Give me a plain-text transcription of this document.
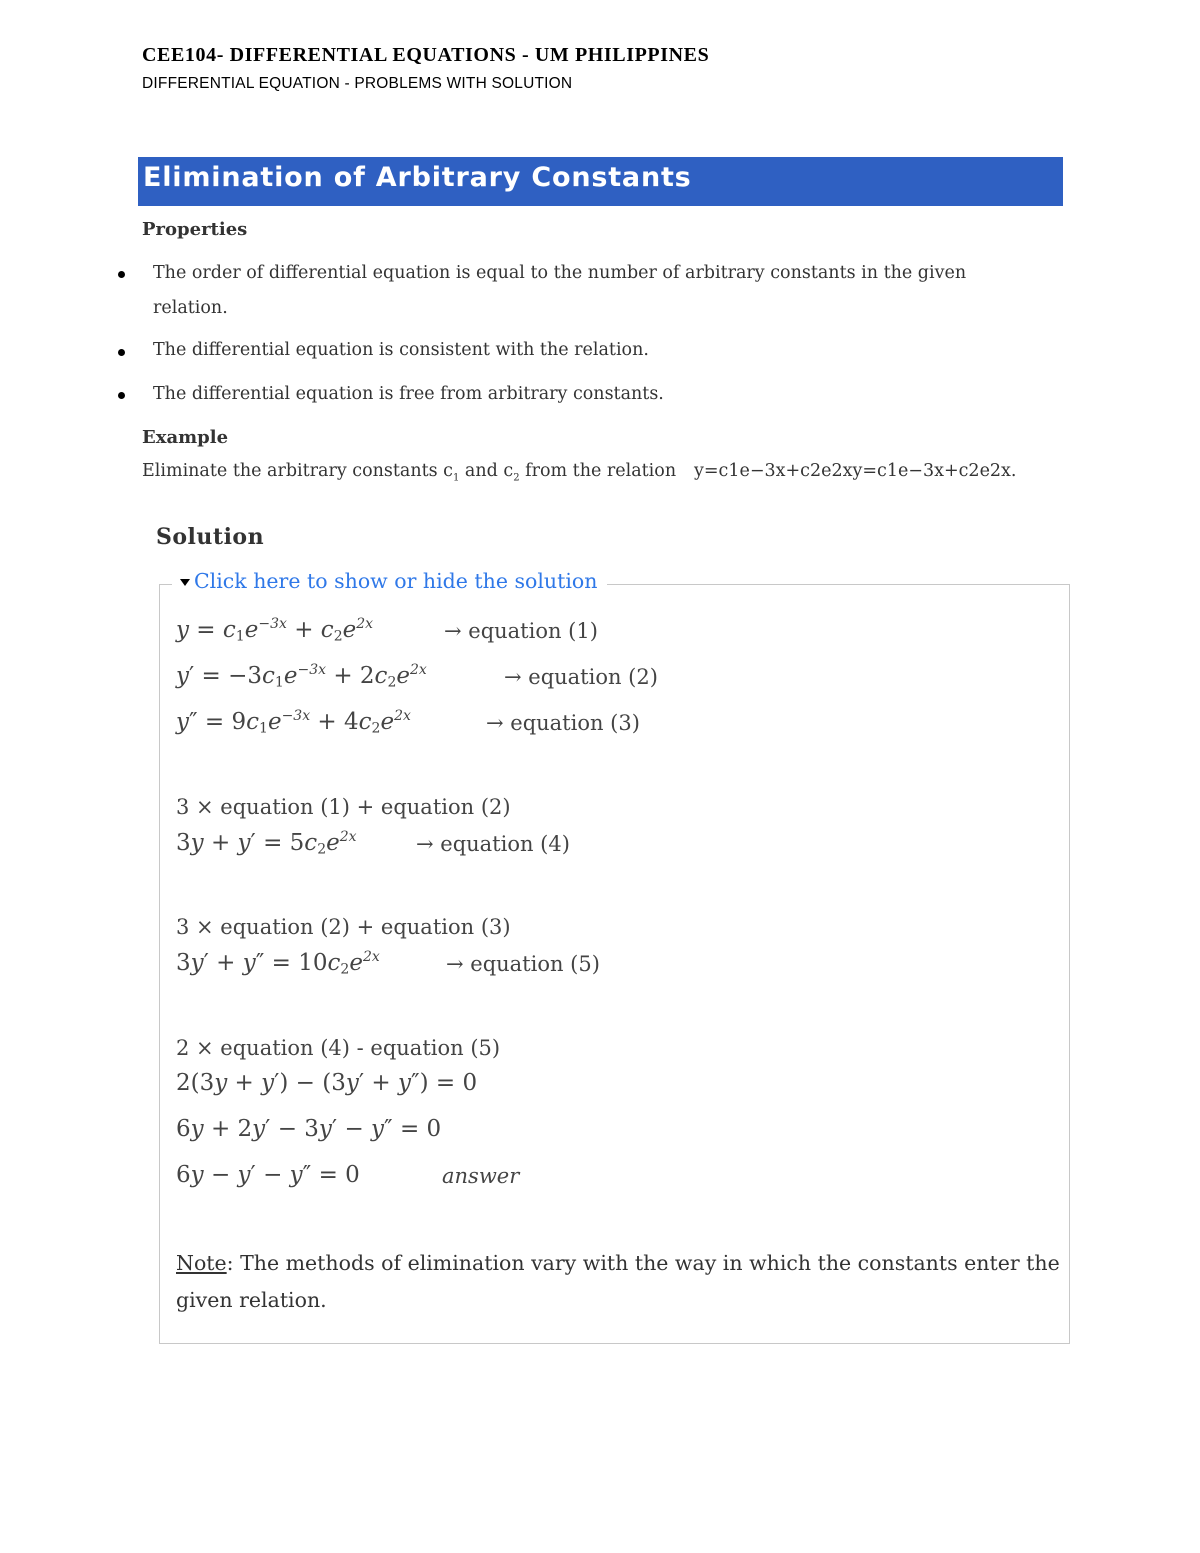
CEE104- DIFFERENTIAL EQUATIONS - UM PHILIPPINES
DIFFERENTIAL EQUATION - PROBLEMS WITH SOLUTION
Elimination of Arbitrary Constants
Properties
The order of differential equation is equal to the number of arbitrary constants in the given
relation.
The differential equation is consistent with the relation.
The differential equation is free from arbitrary constants.
Example
Eliminate the arbitrary constants $c_1$ and $c_2$ from the relation y=c1e−3x+c2e2xy=c1e−3x+c2e2x.
Solution
Click here to show or hide the solution
$y = c_1e^{-3x} + c_2e^{2x}$	→ equation (1)
$y' = -3c_1e^{-3x} + 2c_2e^{2x}$	→ equation (2)
$y'' = 9c_1e^{-3x} + 4c_2e^{2x}$	→ equation (3)
3 × equation (1) + equation (2)
$3y + y' = 5c_2e^{2x}$	→ equation (4)
3 × equation (2) + equation (3)
$3y' + y'' = 10c_2e^{2x}$	→ equation (5)
2 × equation (4) - equation (5)
2(3y + y′) − (3y′ + y″) = 0
6y + 2y′ − 3y′ − y″ = 0
6y − y′ − y″ = 0	answer
Note: The methods of elimination vary with the way in which the constants enter the given relation.
